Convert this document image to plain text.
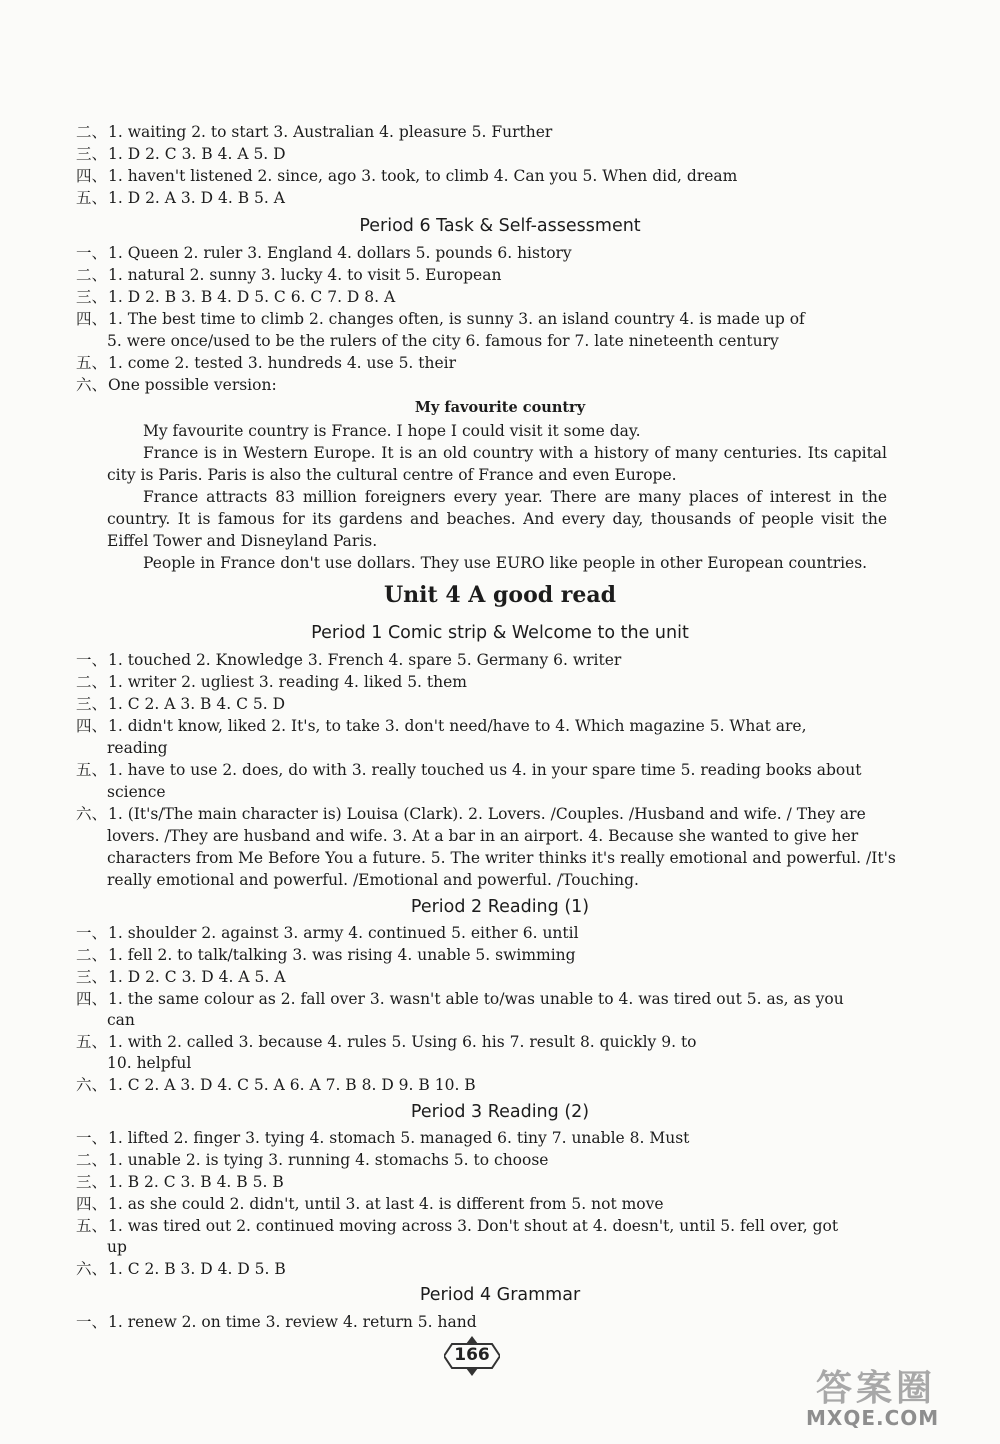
二、1. waiting 2. to start 3. Australian 4. pleasure 5. Further
三、1. D 2. C 3. B 4. A 5. D
四、1. haven't listened 2. since, ago 3. took, to climb 4. Can you 5. When did, dream
五、1. D 2. A 3. D 4. B 5. A
Period 6 Task & Self-assessment
一、1. Queen 2. ruler 3. England 4. dollars 5. pounds 6. history
二、1. natural 2. sunny 3. lucky 4. to visit 5. European
三、1. D 2. B 3. B 4. D 5. C 6. C 7. D 8. A
四、1. The best time to climb 2. changes often, is sunny 3. an island country 4. is made up of
5. were once/used to be the rulers of the city 6. famous for 7. late nineteenth century
五、1. come 2. tested 3. hundreds 4. use 5. their
六、One possible version:
My favourite country

My favourite country is France. I hope I could visit it some day.

France is in Western Europe. It is an old country with a history of many centuries. Its capital city is Paris. Paris is also the cultural centre of France and even Europe.

France attracts 83 million foreigners every year. There are many places of interest in the country. It is famous for its gardens and beaches. And every day, thousands of people visit the Eiffel Tower and Disneyland Paris.

People in France don't use dollars. They use EURO like people in other European countries.

Unit 4 A good read
Period 1 Comic strip & Welcome to the unit
一、1. touched 2. Knowledge 3. French 4. spare 5. Germany 6. writer
二、1. writer 2. ugliest 3. reading 4. liked 5. them
三、1. C 2. A 3. B 4. C 5. D
四、1. didn't know, liked 2. It's, to take 3. don't need/have to 4. Which magazine 5. What are,
reading
五、1. have to use 2. does, do with 3. really touched us 4. in your spare time 5. reading books about
science
六、1. (It's/The main character is) Louisa (Clark). 2. Lovers. /Couples. /Husband and wife. / They are
lovers. /They are husband and wife. 3. At a bar in an airport. 4. Because she wanted to give her
characters from Me Before You a future. 5. The writer thinks it's really emotional and powerful. /It's
really emotional and powerful. /Emotional and powerful. /Touching.
Period 2 Reading (1)
一、1. shoulder 2. against 3. army 4. continued 5. either 6. until
二、1. fell 2. to talk/talking 3. was rising 4. unable 5. swimming
三、1. D 2. C 3. D 4. A 5. A
四、1. the same colour as 2. fall over 3. wasn't able to/was unable to 4. was tired out 5. as, as you
can
五、1. with 2. called 3. because 4. rules 5. Using 6. his 7. result 8. quickly 9. to
10. helpful
六、1. C 2. A 3. D 4. C 5. A 6. A 7. B 8. D 9. B 10. B
Period 3 Reading (2)
一、1. lifted 2. finger 3. tying 4. stomach 5. managed 6. tiny 7. unable 8. Must
二、1. unable 2. is tying 3. running 4. stomachs 5. to choose
三、1. B 2. C 3. B 4. B 5. B
四、1. as she could 2. didn't, until 3. at last 4. is different from 5. not move
五、1. was tired out 2. continued moving across 3. Don't shout at 4. doesn't, until 5. fell over, got
up
六、1. C 2. B 3. D 4. D 5. B
Period 4 Grammar
一、1. renew 2. on time 3. review 4. return 5. hand
166
答案圈
MXQE.COM
